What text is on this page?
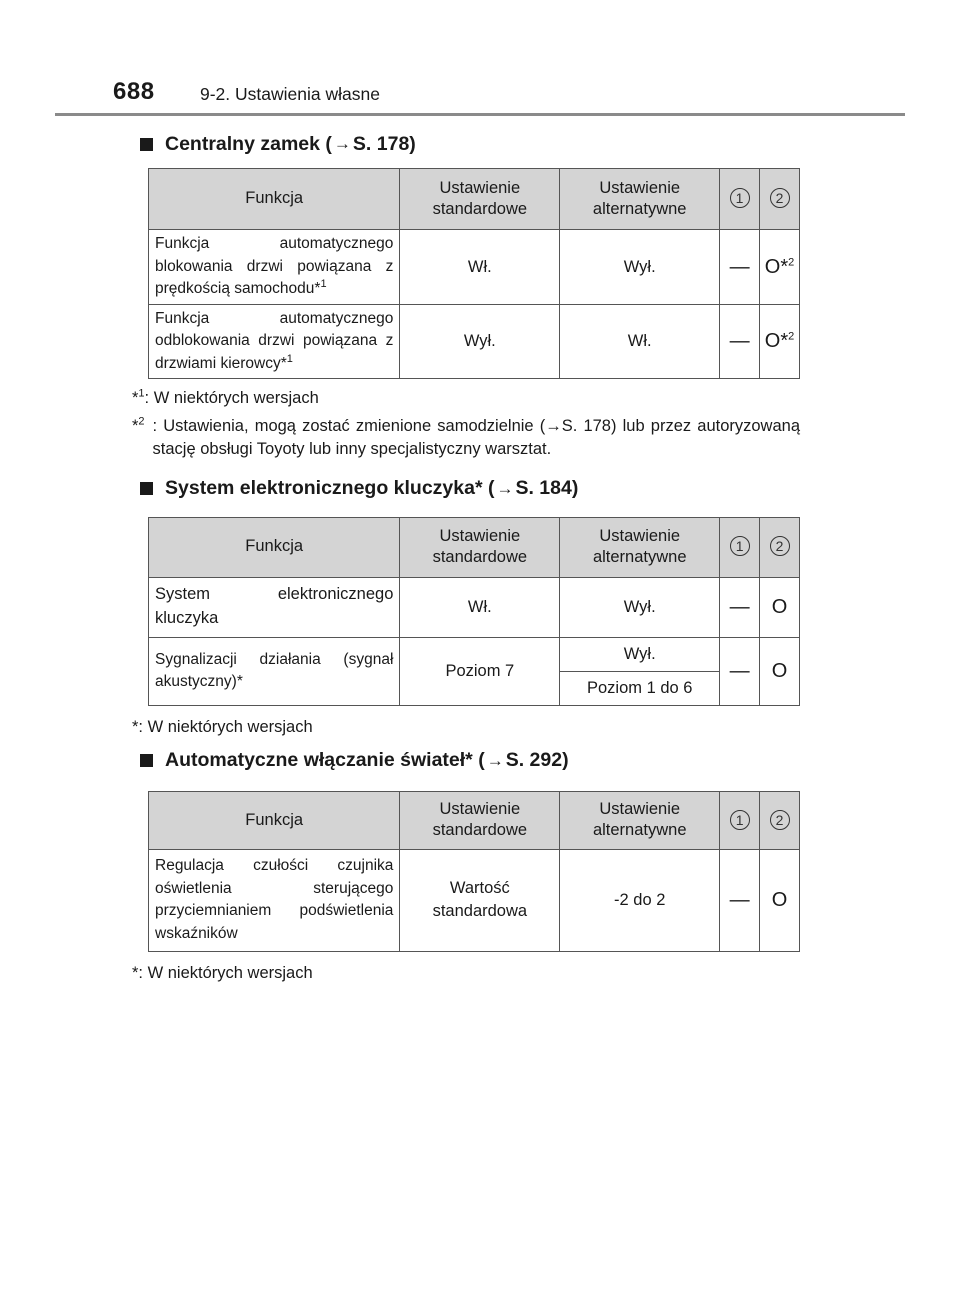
688	9-2. Ustawienia własne
Centralny zamek ( → S. 178)
Funkcja	Ustawienie standardowe	Ustawienie alternatywne	1	2
Funkcja automatycznego blokowania drzwi powiązana z prędkością samochodu*$^1$	Wł.	Wył.	—	O*$^2$
Funkcja automatycznego odblokowania drzwi powiązana z drzwiami kierowcy*$^1$	Wył.	Wł.	—	O*$^2$
*$^1$: W niektórych wersjach
*$^2$ : Ustawienia, mogą zostać zmienione samodzielnie (→S. 178) lub przez autoryzowaną stację obsługi Toyoty lub inny specjalistyczny warsztat.
System elektronicznego kluczyka* ( → S. 184)
Funkcja	Ustawienie standardowe	Ustawienie alternatywne	1	2
System elektronicznego kluczyka	Wł.	Wył.	—	O
Sygnalizacji działania (sygnał akustyczny)*	Poziom 7	Wył.	—	O
		Poziom 1 do 6		
*: W niektórych wersjach
Automatyczne włączanie świateł* ( → S. 292)
Funkcja	Ustawienie standardowe	Ustawienie alternatywne	1	2
Regulacja czułości czujnika oświetlenia sterującego przyciemnianiem podświetlenia wskaźników	Wartość standardowa	-2 do 2	—	O
*: W niektórych wersjach
